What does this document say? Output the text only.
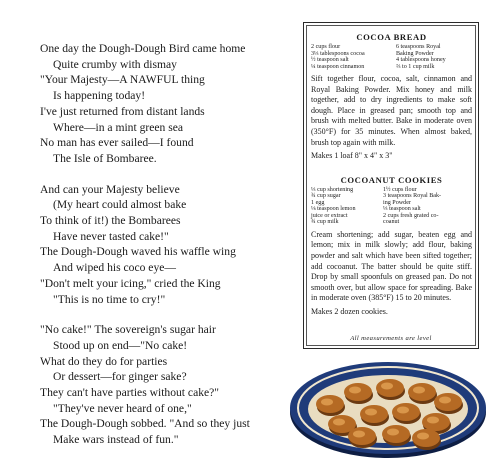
One day the Dough-Dough Bird came home
Quite crumby with dismay
"Your Majesty—A NAWFUL thing
Is happening today!
I've just returned from distant lands
Where—in a mint green sea
No man has ever sailed—I found
The Isle of Bombaree.
And can your Majesty believe
(My heart could almost bake
To think of it!) the Bombarees
Have never tasted cake!"
The Dough-Dough waved his waffle wing
And wiped his coco eye—
"Don't melt your icing," cried the King
"This is no time to cry!"
"No cake!" The sovereign's sugar hair
Stood up on end—"No cake!
What do they do for parties
Or dessert—for ginger sake?
They can't have parties without cake?"
"They've never heard of one,"
The Dough-Dough sobbed. "And so they just
Make wars instead of fun."
COCOA BREAD
2 cups flour	6 teaspoons Royal
3⅓ tablespoons cocoa	Baking Powder
½ teaspoon salt	4 tablespoons honey
¼ teaspoon cinnamon	⅔ to 1 cup milk

Sift together flour, cocoa, salt, cinnamon and Royal Baking Powder. Mix honey and milk together, add to dry ingredients to make soft dough. Place in greased pan; smooth top and brush with melted butter. Bake in moderate oven (350°F) for 35 minutes. When almost baked, brush top again with milk.

Makes 1 loaf 8" x 4" x 3"

COCOANUT COOKIES
⅓ cup shortening	1½ cups flour
¾ cup sugar	3 teaspoons Royal Bak-
1 egg	ing Powder
⅛ teaspoon lemon	⅓ teaspoon salt
juice or extract	2 cups fresh grated co-
¾ cup milk	coanut

Cream shortening; add sugar, beaten egg and lemon; mix in milk slowly; add flour, baking powder and salt which have been sifted together; add cocoanut. The batter should be quite stiff. Drop by small spoonfuls on greased pan. Do not smooth over, but allow space for spreading. Bake in moderate oven (385°F) 15 to 20 minutes.

Makes 2 dozen cookies.

All measurements are level
